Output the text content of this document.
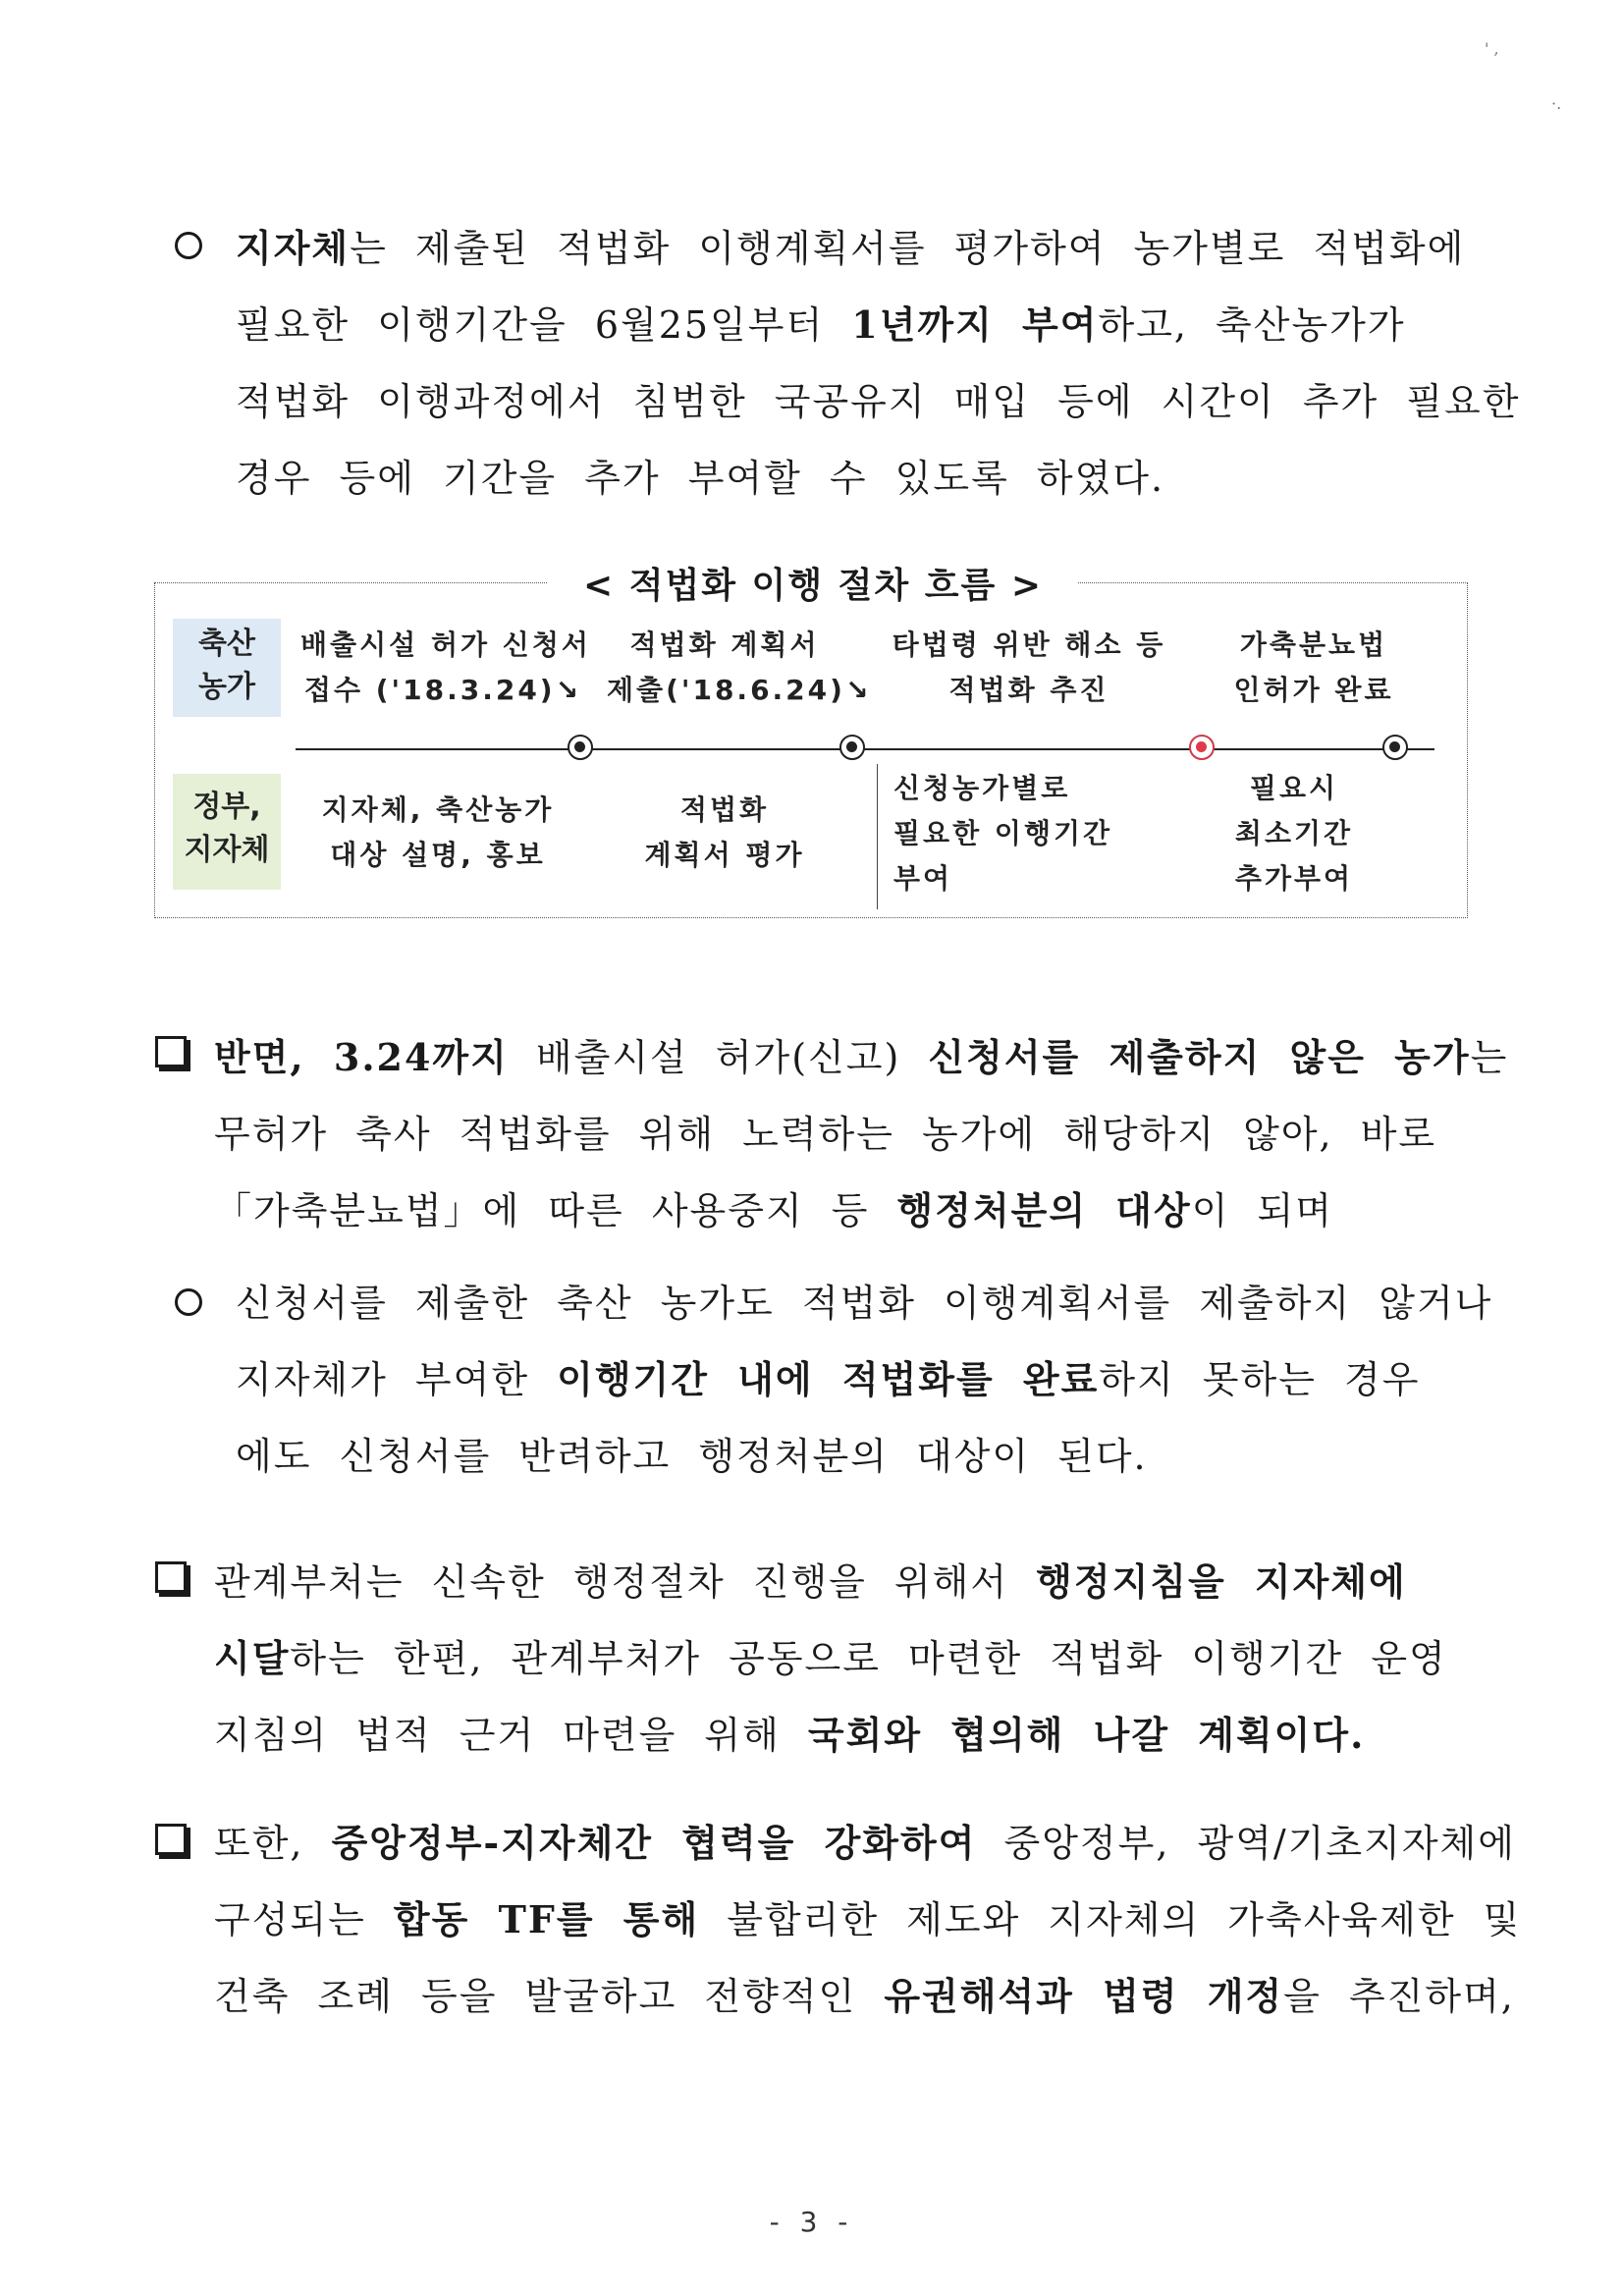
' ,
·.
지자체는 제출된 적법화 이행계획서를 평가하여 농가별로 적법화에
필요한 이행기간을 6월25일부터 1년까지 부여하고, 축산농가가
적법화 이행과정에서 침범한 국공유지 매입 등에 시간이 추가 필요한
경우 등에 기간을 추가 부여할 수 있도록 하였다.
< 적법화 이행 절차 흐름 >
축산
농가
정부,
지자체
배출시설 허가 신청서
접수 ('18.3.24)↘
적법화 계획서
제출('18.6.24)↘
타법령 위반 해소 등
적법화 추진
가축분뇨법
인허가 완료
지자체, 축산농가
대상 설명, 홍보
적법화
계획서 평가
신청농가별로
필요한 이행기간
부여
필요시
최소기간
추가부여
반면, 3.24까지 배출시설 허가(신고) 신청서를 제출하지 않은 농가는
무허가 축사 적법화를 위해 노력하는 농가에 해당하지 않아, 바로
「가축분뇨법」에 따른 사용중지 등 행정처분의 대상이 되며
신청서를 제출한 축산 농가도 적법화 이행계획서를 제출하지 않거나
지자체가 부여한 이행기간 내에 적법화를 완료하지 못하는 경우
에도 신청서를 반려하고 행정처분의 대상이 된다.
관계부처는 신속한 행정절차 진행을 위해서 행정지침을 지자체에
시달하는 한편, 관계부처가 공동으로 마련한 적법화 이행기간 운영
지침의 법적 근거 마련을 위해 국회와 협의해 나갈 계획이다.
또한, 중앙정부-지자체간 협력을 강화하여 중앙정부, 광역/기초지자체에
구성되는 합동 TF를 통해 불합리한 제도와 지자체의 가축사육제한 및
건축 조례 등을 발굴하고 전향적인 유권해석과 법령 개정을 추진하며,
- 3 -
